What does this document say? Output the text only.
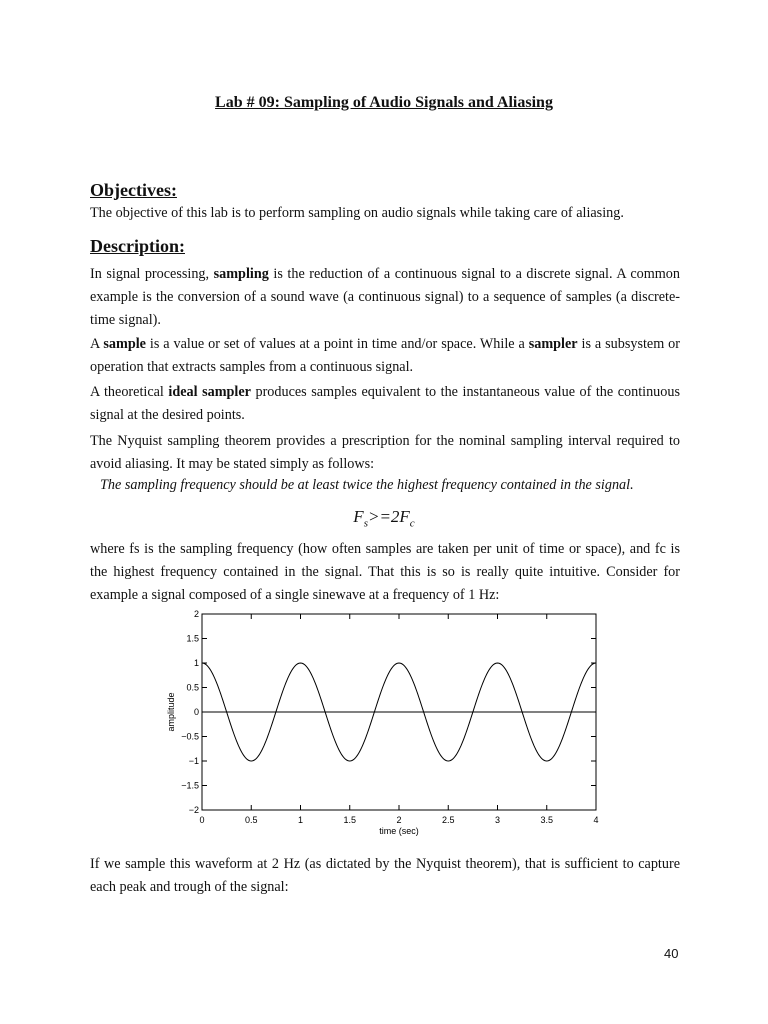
Lab # 09: Sampling of Audio Signals and Aliasing
Objectives:
The objective of this lab is to perform sampling on audio signals while taking care of aliasing.
Description:
In signal processing, sampling is the reduction of a continuous signal to a discrete signal. A common example is the conversion of a sound wave (a continuous signal) to a sequence of samples (a discrete-time signal).
A sample is a value or set of values at a point in time and/or space. While a sampler is a subsystem or operation that extracts samples from a continuous signal.
A theoretical ideal sampler produces samples equivalent to the instantaneous value of the continuous signal at the desired points.
The Nyquist sampling theorem provides a prescription for the nominal sampling interval required to avoid aliasing. It may be stated simply as follows:
The sampling frequency should be at least twice the highest frequency contained in the signal.
$F_s>=2F_c$
where fs is the sampling frequency (how often samples are taken per unit of time or space), and fc is the highest frequency contained in the signal. That this is so is really quite intuitive. Consider for example a signal composed of a single sinewave at a frequency of 1 Hz:
0	0.5	1	1.5	2	2.5	3	3.5	4
2
1.5
1
0.5
0
−0.5
−1
−1.5
−2
time (sec)
amplitude
If we sample this waveform at 2 Hz (as dictated by the Nyquist theorem), that is sufficient to capture each peak and trough of the signal:
40
